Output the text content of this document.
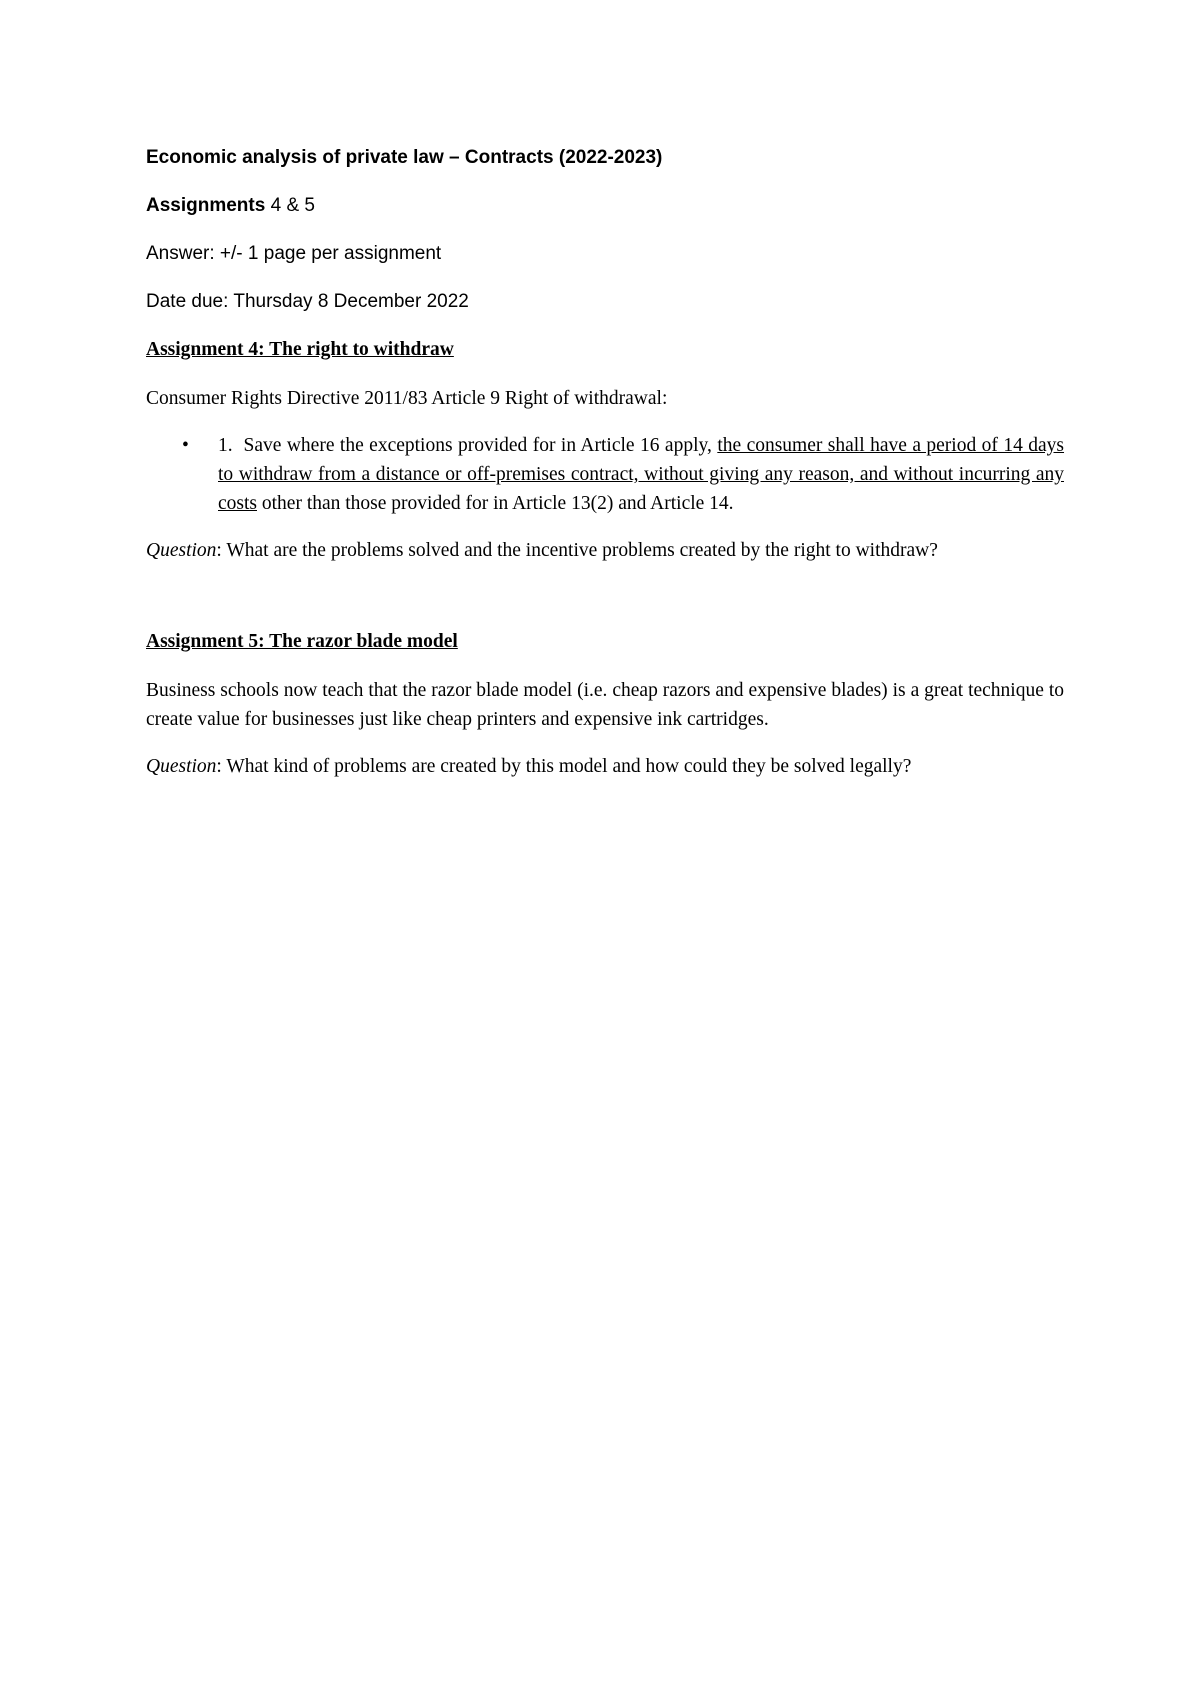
Economic analysis of private law – Contracts (2022-2023)

Assignments 4 & 5

Answer: +/- 1 page per assignment

Date due: Thursday 8 December 2022

Assignment 4: The right to withdraw

Consumer Rights Directive 2011/83 Article 9 Right of withdrawal:

•	1. Save where the exceptions provided for in Article 16 apply, the consumer shall have a period of 14 days to withdraw from a distance or off-premises contract, without giving any reason, and without incurring any costs other than those provided for in Article 13(2) and Article 14.

Question: What are the problems solved and the incentive problems created by the right to withdraw?

Assignment 5: The razor blade model

Business schools now teach that the razor blade model (i.e. cheap razors and expensive blades) is a great technique to create value for businesses just like cheap printers and expensive ink cartridges.

Question: What kind of problems are created by this model and how could they be solved legally?
